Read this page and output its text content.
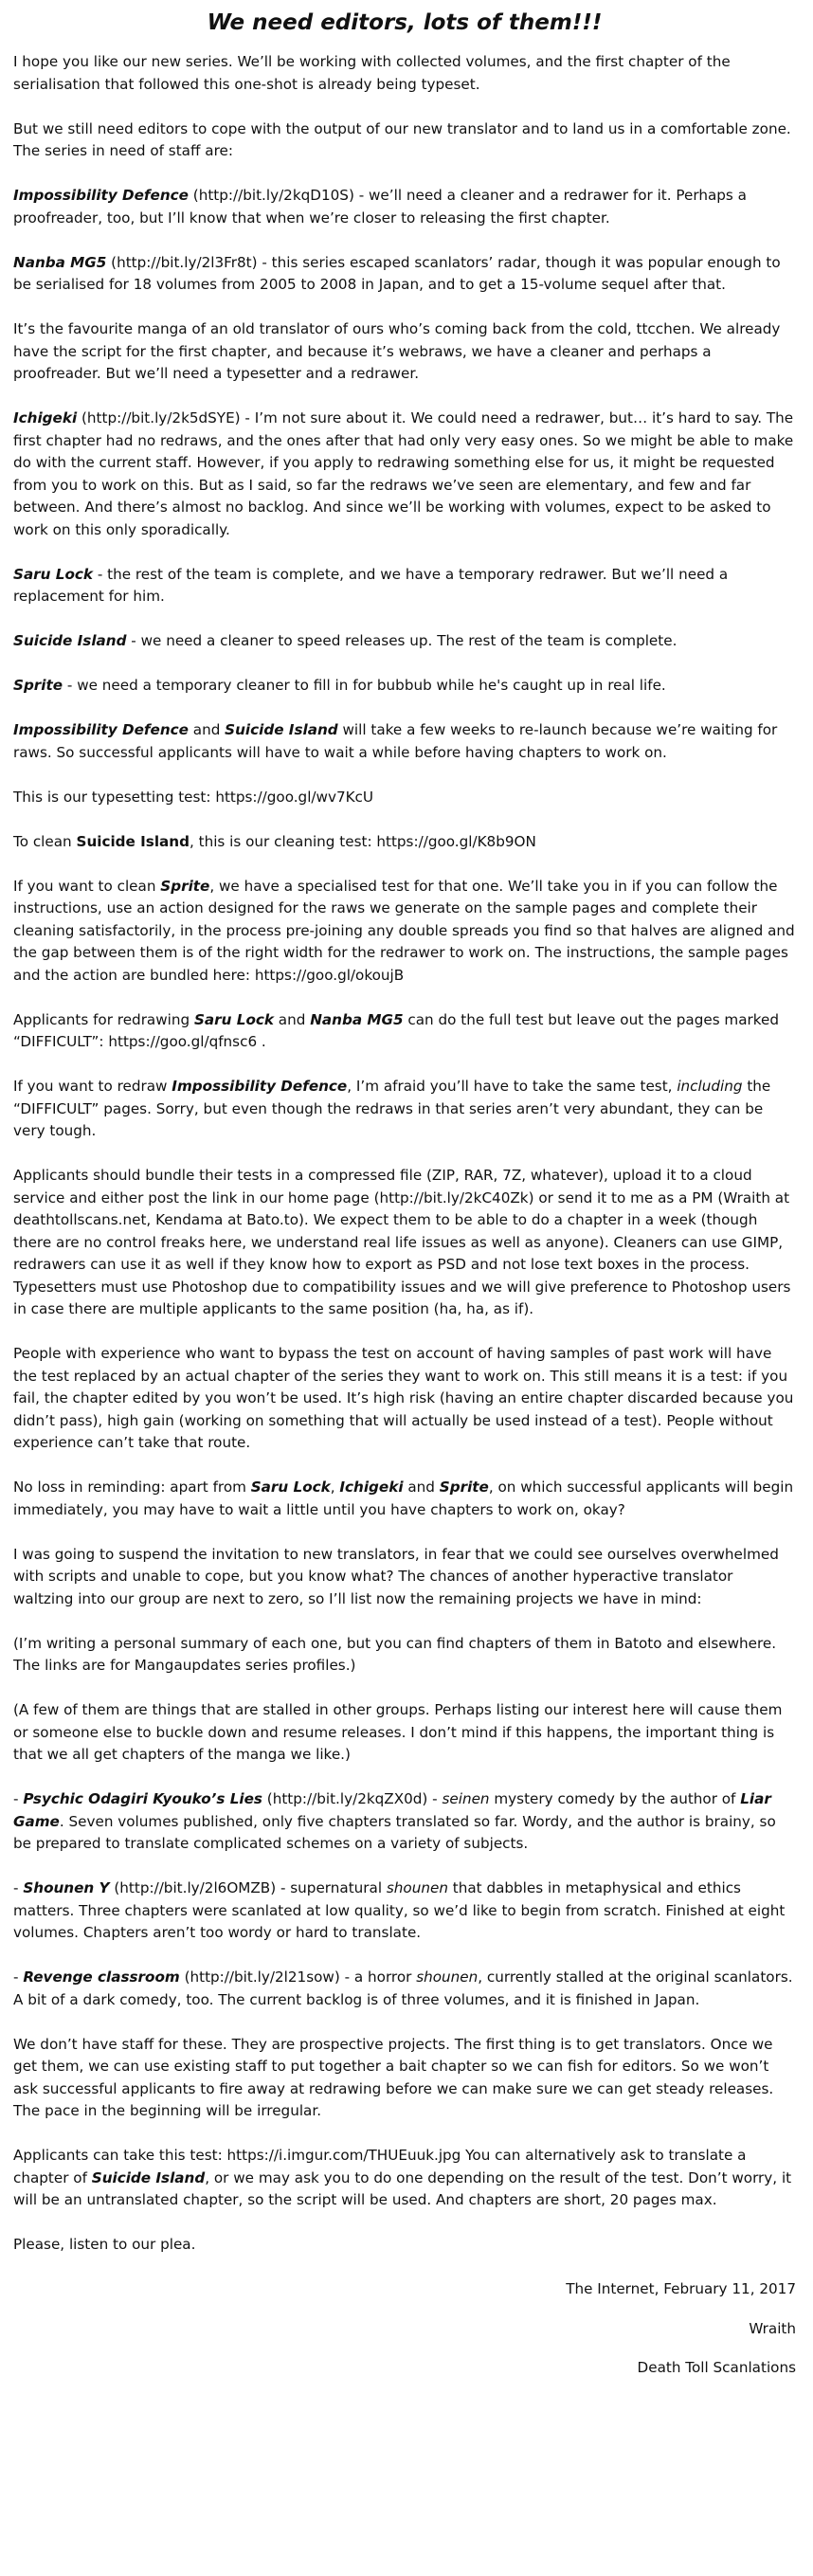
We need editors, lots of them!!!

I hope you like our new series. We’ll be working with collected volumes, and the first chapter of the serialisation that followed this one-shot is already being typeset.

But we still need editors to cope with the output of our new translator and to land us in a comfortable zone. The series in need of staff are:

Impossibility Defence (http://bit.ly/2kqD10S) - we’ll need a cleaner and a redrawer for it. Perhaps a proofreader, too, but I’ll know that when we’re closer to releasing the first chapter.

Nanba MG5 (http://bit.ly/2l3Fr8t) - this series escaped scanlators’ radar, though it was popular enough to be serialised for 18 volumes from 2005 to 2008 in Japan, and to get a 15-volume sequel after that.

It’s the favourite manga of an old translator of ours who’s coming back from the cold, ttcchen. We already have the script for the first chapter, and because it’s webraws, we have a cleaner and perhaps a proofreader. But we’ll need a typesetter and a redrawer.

Ichigeki (http://bit.ly/2k5dSYE) - I’m not sure about it. We could need a redrawer, but… it’s hard to say. The first chapter had no redraws, and the ones after that had only very easy ones. So we might be able to make do with the current staff. However, if you apply to redrawing something else for us, it might be requested from you to work on this. But as I said, so far the redraws we’ve seen are elementary, and few and far between. And there’s almost no backlog. And since we’ll be working with volumes, expect to be asked to work on this only sporadically.

Saru Lock - the rest of the team is complete, and we have a temporary redrawer. But we’ll need a replacement for him.

Suicide Island - we need a cleaner to speed releases up. The rest of the team is complete.

Sprite - we need a temporary cleaner to fill in for bubbub while he's caught up in real life.

Impossibility Defence and Suicide Island will take a few weeks to re-launch because we’re waiting for raws. So successful applicants will have to wait a while before having chapters to work on.

This is our typesetting test: https://goo.gl/wv7KcU

To clean Suicide Island, this is our cleaning test: https://goo.gl/K8b9ON

If you want to clean Sprite, we have a specialised test for that one. We’ll take you in if you can follow the instructions, use an action designed for the raws we generate on the sample pages and complete their cleaning satisfactorily, in the process pre-joining any double spreads you find so that halves are aligned and the gap between them is of the right width for the redrawer to work on. The instructions, the sample pages and the action are bundled here: https://goo.gl/okoujB

Applicants for redrawing Saru Lock and Nanba MG5 can do the full test but leave out the pages marked “DIFFICULT”: https://goo.gl/qfnsc6 .

If you want to redraw Impossibility Defence, I’m afraid you’ll have to take the same test, including the “DIFFICULT” pages. Sorry, but even though the redraws in that series aren’t very abundant, they can be very tough.

Applicants should bundle their tests in a compressed file (ZIP, RAR, 7Z, whatever), upload it to a cloud service and either post the link in our home page (http://bit.ly/2kC40Zk) or send it to me as a PM (Wraith at deathtollscans.net, Kendama at Bato.to). We expect them to be able to do a chapter in a week (though there are no control freaks here, we understand real life issues as well as anyone). Cleaners can use GIMP, redrawers can use it as well if they know how to export as PSD and not lose text boxes in the process. Typesetters must use Photoshop due to compatibility issues and we will give preference to Photoshop users in case there are multiple applicants to the same position (ha, ha, as if).

People with experience who want to bypass the test on account of having samples of past work will have the test replaced by an actual chapter of the series they want to work on. This still means it is a test: if you fail, the chapter edited by you won’t be used. It’s high risk (having an entire chapter discarded because you didn’t pass), high gain (working on something that will actually be used instead of a test). People without experience can’t take that route.

No loss in reminding: apart from Saru Lock, Ichigeki and Sprite, on which successful applicants will begin immediately, you may have to wait a little until you have chapters to work on, okay?

I was going to suspend the invitation to new translators, in fear that we could see ourselves overwhelmed with scripts and unable to cope, but you know what? The chances of another hyperactive translator waltzing into our group are next to zero, so I’ll list now the remaining projects we have in mind:

(I’m writing a personal summary of each one, but you can find chapters of them in Batoto and elsewhere. The links are for Mangaupdates series profiles.)

(A few of them are things that are stalled in other groups. Perhaps listing our interest here will cause them or someone else to buckle down and resume releases. I don’t mind if this happens, the important thing is that we all get chapters of the manga we like.)

- Psychic Odagiri Kyouko’s Lies (http://bit.ly/2kqZX0d) - seinen mystery comedy by the author of Liar Game. Seven volumes published, only five chapters translated so far. Wordy, and the author is brainy, so be prepared to translate complicated schemes on a variety of subjects.

- Shounen Y (http://bit.ly/2l6OMZB) - supernatural shounen that dabbles in metaphysical and ethics matters. Three chapters were scanlated at low quality, so we’d like to begin from scratch. Finished at eight volumes. Chapters aren’t too wordy or hard to translate.

- Revenge classroom (http://bit.ly/2l21sow) - a horror shounen, currently stalled at the original scanlators. A bit of a dark comedy, too. The current backlog is of three volumes, and it is finished in Japan.

We don’t have staff for these. They are prospective projects. The first thing is to get translators. Once we get them, we can use existing staff to put together a bait chapter so we can fish for editors. So we won’t ask successful applicants to fire away at redrawing before we can make sure we can get steady releases. The pace in the beginning will be irregular.

Applicants can take this test: https://i.imgur.com/THUEuuk.jpg You can alternatively ask to translate a chapter of Suicide Island, or we may ask you to do one depending on the result of the test. Don’t worry, it will be an untranslated chapter, so the script will be used. And chapters are short, 20 pages max.

Please, listen to our plea.

The Internet, February 11, 2017

Wraith

Death Toll Scanlations
